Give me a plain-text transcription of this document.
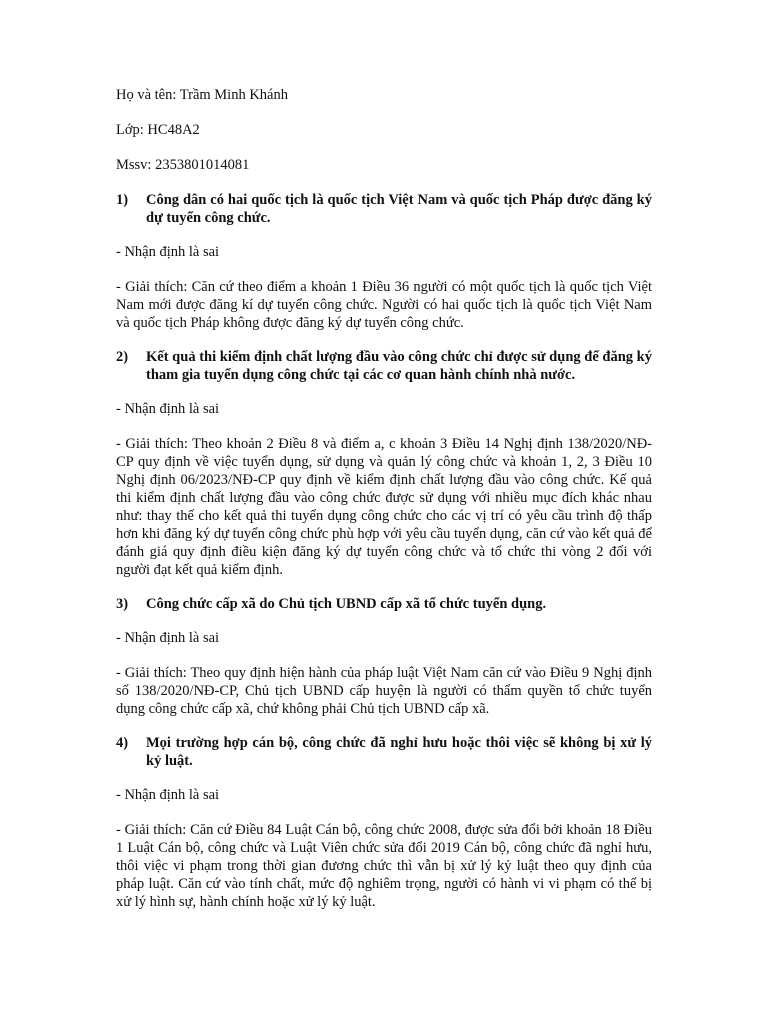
Họ và tên: Trầm Minh Khánh
Lớp: HC48A2
Mssv: 2353801014081
1)	Công dân có hai quốc tịch là quốc tịch Việt Nam và quốc tịch Pháp được đăng ký dự tuyển công chức.
- Nhận định là sai
- Giải thích: Căn cứ theo điểm a khoản 1 Điều 36 người có một quốc tịch là quốc tịch Việt Nam mới được đăng kí dự tuyển công chức. Người có hai quốc tịch là quốc tịch Việt Nam và quốc tịch Pháp không được đăng ký dự tuyển công chức.
2)	Kết quả thi kiểm định chất lượng đầu vào công chức chỉ được sử dụng để đăng ký tham gia tuyển dụng công chức tại các cơ quan hành chính nhà nước.
- Nhận định là sai
- Giải thích: Theo khoản 2 Điều 8 và điểm a, c khoản 3 Điều 14 Nghị định 138/2020/NĐ-CP quy định về việc tuyển dụng, sử dụng và quản lý công chức và khoản 1, 2, 3 Điều 10 Nghị định 06/2023/NĐ-CP quy định về kiểm định chất lượng đầu vào công chức. Kế quả thi kiểm định chất lượng đầu vào công chức được sử dụng với nhiều mục đích khác nhau như: thay thế cho kết quả thi tuyển dụng công chức cho các vị trí có yêu cầu trình độ thấp hơn khi đăng ký dự tuyển công chức phù hợp với yêu cầu tuyển dụng, căn cứ vào kết quả để đánh giá quy định điều kiện đăng ký dự tuyển công chức và tổ chức thi vòng 2 đối với người đạt kết quả kiểm định.
3)	Công chức cấp xã do Chủ tịch UBND cấp xã tổ chức tuyển dụng.
- Nhận định là sai
- Giải thích: Theo quy định hiện hành của pháp luật Việt Nam căn cứ vào Điều 9 Nghị định số 138/2020/NĐ-CP, Chủ tịch UBND cấp huyện là người có thẩm quyền tổ chức tuyển dụng công chức cấp xã, chứ không phải Chủ tịch UBND cấp xã.
4)	Mọi trường hợp cán bộ, công chức đã nghỉ hưu hoặc thôi việc sẽ không bị xử lý kỷ luật.
- Nhận định là sai
- Giải thích: Căn cứ Điều 84 Luật Cán bộ, công chức 2008, được sửa đổi bởi khoản 18 Điều 1 Luật Cán bộ, công chức và Luật Viên chức sửa đổi 2019 Cán bộ, công chức đã nghỉ hưu, thôi việc vi phạm trong thời gian đương chức thì vẫn bị xử lý kỷ luật theo quy định của pháp luật. Căn cứ vào tính chất, mức độ nghiêm trọng, người có hành vi vi phạm có thể bị xử lý hình sự, hành chính hoặc xử lý kỷ luật.
